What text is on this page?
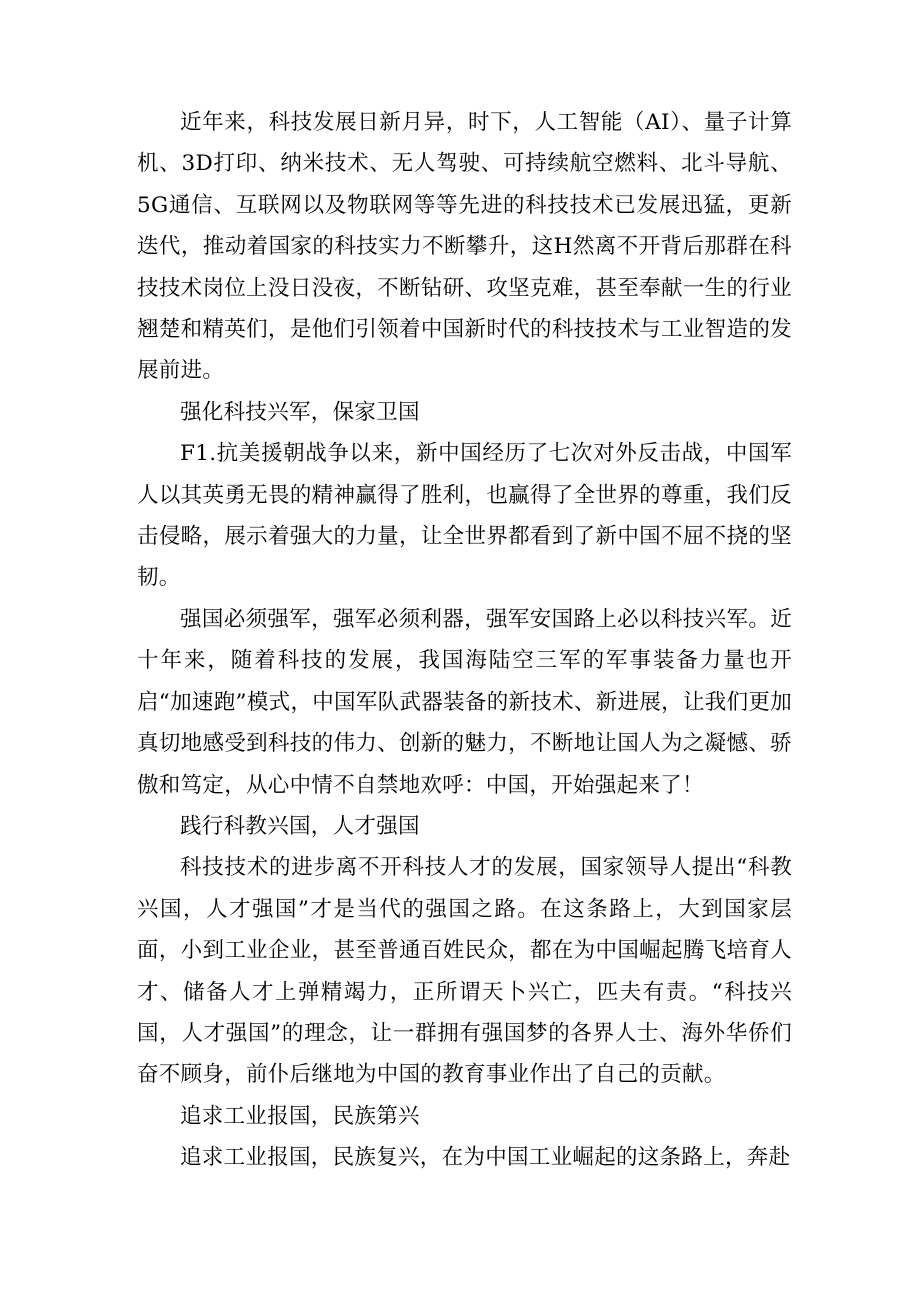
近年来，科技发展日新月异，时下，人工智能（AI）、量子计算机、3D打印、纳米技术、无人驾驶、可持续航空燃料、北斗导航、5G通信、互联网以及物联网等等先进的科技技术已发展迅猛，更新迭代，推动着国家的科技实力不断攀升，这H然离不开背后那群在科技技术岗位上没日没夜，不断钻研、攻坚克难，甚至奉献一生的行业翘楚和精英们，是他们引领着中国新时代的科技技术与工业智造的发展前进。

强化科技兴军，保家卫国

F1.抗美援朝战争以来，新中国经历了七次对外反击战，中国军人以其英勇无畏的精神赢得了胜利，也赢得了全世界的尊重，我们反击侵略，展示着强大的力量，让全世界都看到了新中国不屈不挠的坚韧。

强国必须强军，强军必须利器，强军安国路上必以科技兴军。近十年来，随着科技的发展，我国海陆空三军的军事装备力量也开启“加速跑”模式，中国军队武器装备的新技术、新进展，让我们更加真切地感受到科技的伟力、创新的魅力，不断地让国人为之凝憾、骄傲和笃定，从心中情不自禁地欢呼：中国，开始强起来了！

践行科教兴国，人才强国

科技技术的进步离不开科技人才的发展，国家领导人提出“科教兴国，人才强国”才是当代的强国之路。在这条路上，大到国家层面，小到工业企业，甚至普通百姓民众，都在为中国崛起腾飞培育人才、储备人才上弹精竭力，正所谓天卜兴亡，匹夫有责。“科技兴国，人才强国”的理念，让一群拥有强国梦的各界人士、海外华侨们奋不顾身，前仆后继地为中国的教育事业作出了自己的贡献。

追求工业报国，民族第兴

追求工业报国，民族复兴，在为中国工业崛起的这条路上，奔赴
